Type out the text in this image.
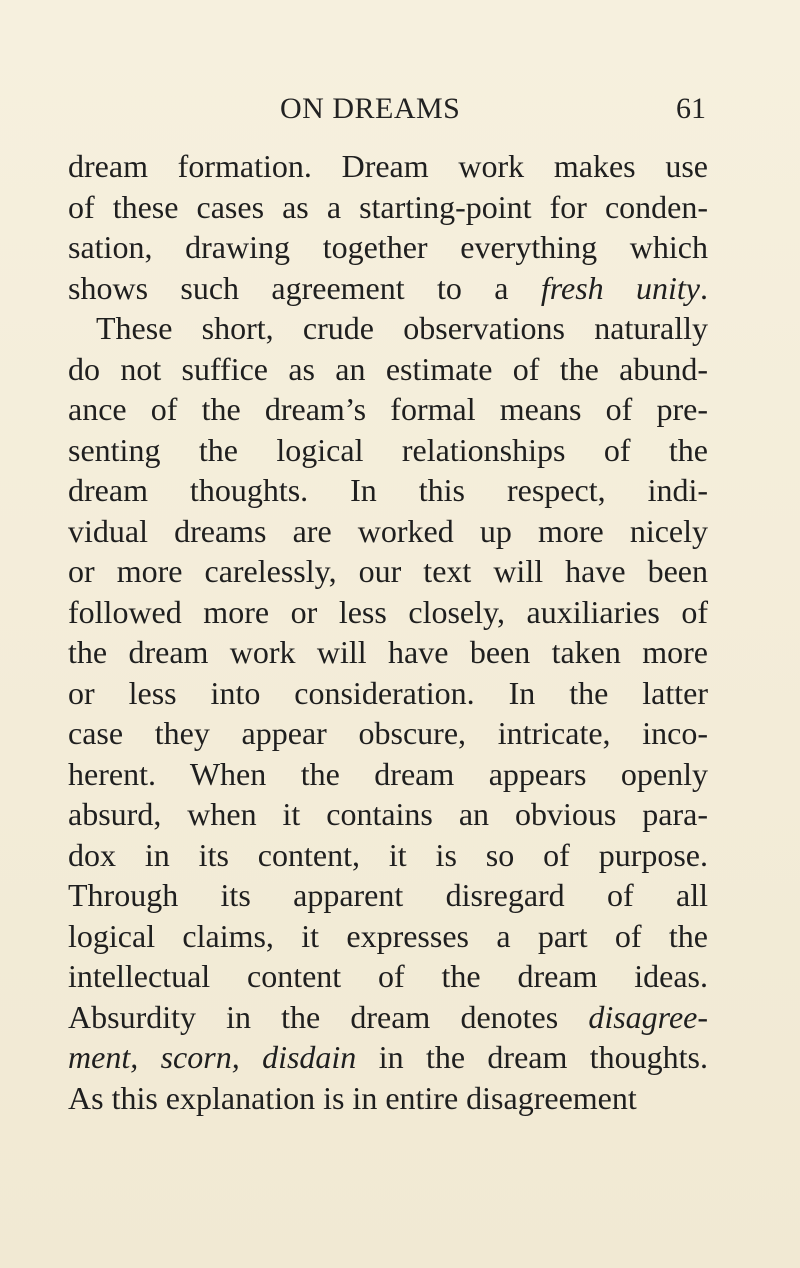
ON DREAMS	61
dream formation. Dream work makes use
of these cases as a starting-point for conden-
sation, drawing together everything which
shows such agreement to a fresh unity.
These short, crude observations naturally
do not suffice as an estimate of the abund-
ance of the dream’s formal means of pre-
senting the logical relationships of the
dream thoughts. In this respect, indi-
vidual dreams are worked up more nicely
or more carelessly, our text will have been
followed more or less closely, auxiliaries of
the dream work will have been taken more
or less into consideration. In the latter
case they appear obscure, intricate, inco-
herent. When the dream appears openly
absurd, when it contains an obvious para-
dox in its content, it is so of purpose.
Through its apparent disregard of all
logical claims, it expresses a part of the
intellectual content of the dream ideas.
Absurdity in the dream denotes disagree-
ment, scorn, disdain in the dream thoughts.
As this explanation is in entire disagreement
